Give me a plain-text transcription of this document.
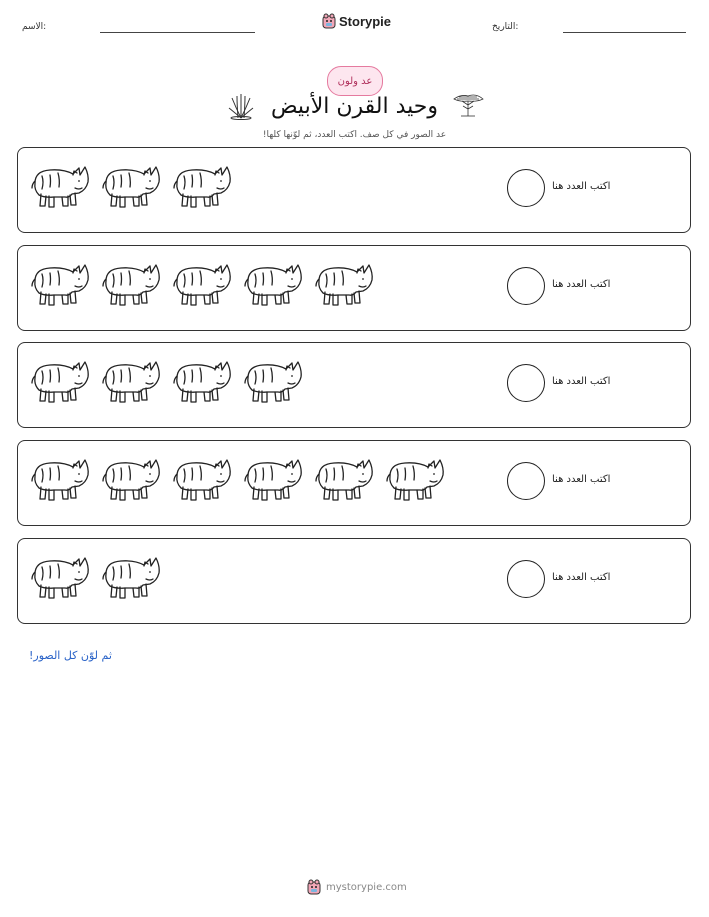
الاسم:	Storypie	التاريخ:
عد ولون
وحيد القرن الأبيض
عد الصور في كل صف. اكتب العدد، ثم لوّنها كلها!
اكتب العدد هنا
اكتب العدد هنا
اكتب العدد هنا
اكتب العدد هنا
اكتب العدد هنا
ثم لوّن كل الصور!
mystorypie.com
